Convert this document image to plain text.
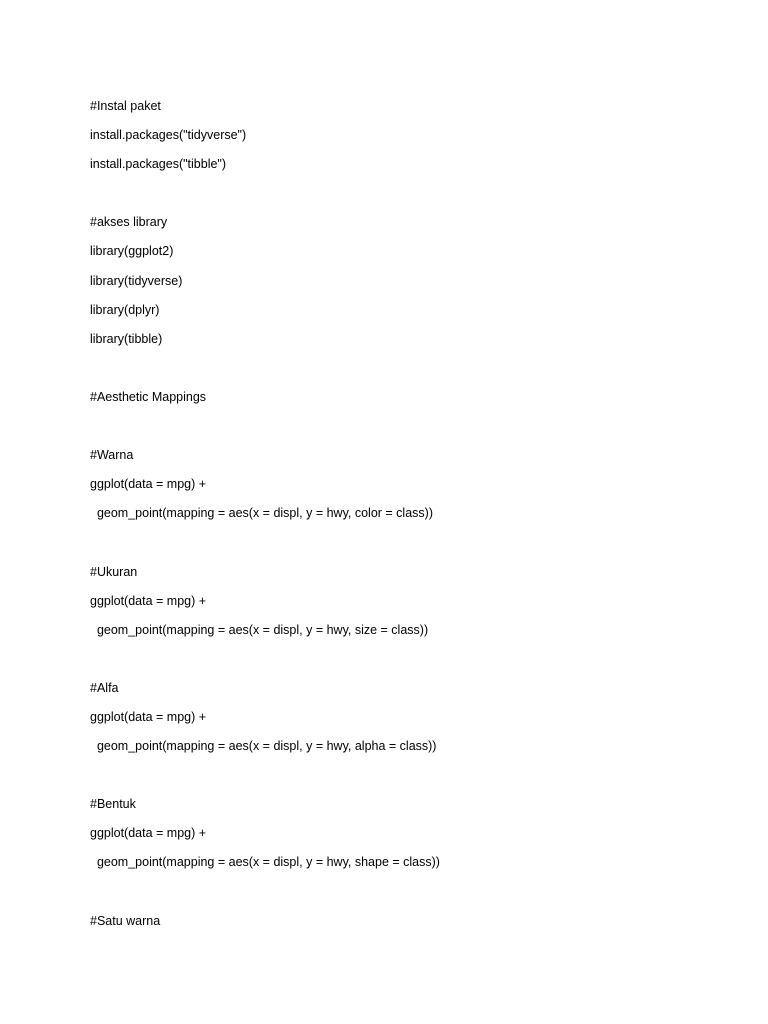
#Instal paket
install.packages("tidyverse")
install.packages("tibble")
#akses library
library(ggplot2)
library(tidyverse)
library(dplyr)
library(tibble)
#Aesthetic Mappings
#Warna
ggplot(data = mpg) +
geom_point(mapping = aes(x = displ, y = hwy, color = class))
#Ukuran
ggplot(data = mpg) +
geom_point(mapping = aes(x = displ, y = hwy, size = class))
#Alfa
ggplot(data = mpg) +
geom_point(mapping = aes(x = displ, y = hwy, alpha = class))
#Bentuk
ggplot(data = mpg) +
geom_point(mapping = aes(x = displ, y = hwy, shape = class))
#Satu warna
